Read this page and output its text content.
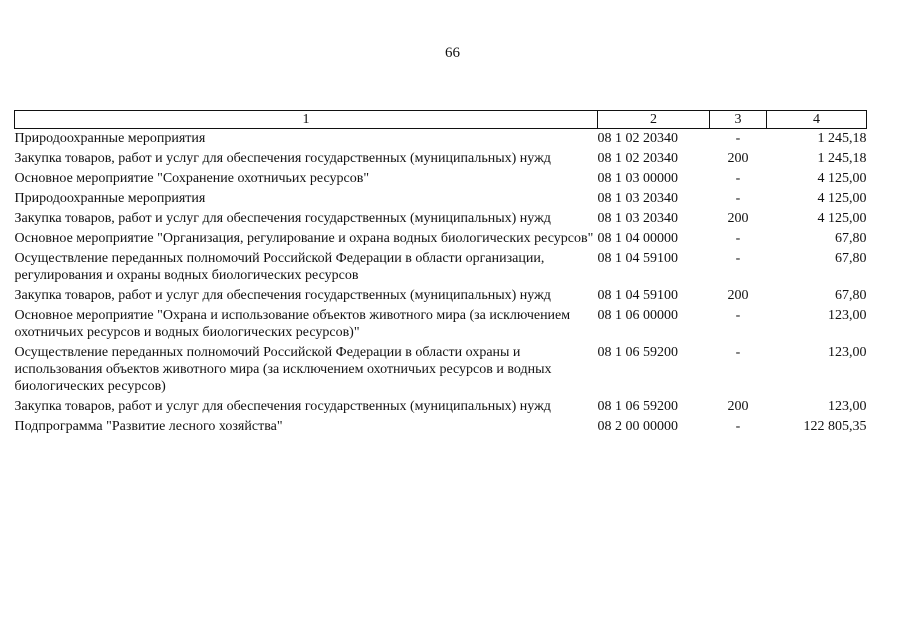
66
1	2	3	4
Природоохранные мероприятия	08 1 02 20340	-	1 245,18
Закупка товаров, работ и услуг для обеспечения государственных (муниципальных) нужд	08 1 02 20340	200	1 245,18
Основное мероприятие "Сохранение охотничьих ресурсов"	08 1 03 00000	-	4 125,00
Природоохранные мероприятия	08 1 03 20340	-	4 125,00
Закупка товаров, работ и услуг для обеспечения государственных (муниципальных) нужд	08 1 03 20340	200	4 125,00
Основное мероприятие "Организация, регулирование и охрана водных биологических ресурсов"	08 1 04 00000	-	67,80
Осуществление переданных полномочий Российской Федерации в области организации, регулирования и охраны водных биологических ресурсов	08 1 04 59100	-	67,80
Закупка товаров, работ и услуг для обеспечения государственных (муниципальных) нужд	08 1 04 59100	200	67,80
Основное мероприятие "Охрана и использование объектов животного мира (за исключением охотничьих ресурсов и водных биологических ресурсов)"	08 1 06 00000	-	123,00
Осуществление переданных полномочий Российской Федерации в области охраны и использования объектов животного мира (за исключением охотничьих ресурсов и водных биологических ресурсов)	08 1 06 59200	-	123,00
Закупка товаров, работ и услуг для обеспечения государственных (муниципальных) нужд	08 1 06 59200	200	123,00
Подпрограмма "Развитие лесного хозяйства"	08 2 00 00000	-	122 805,35
